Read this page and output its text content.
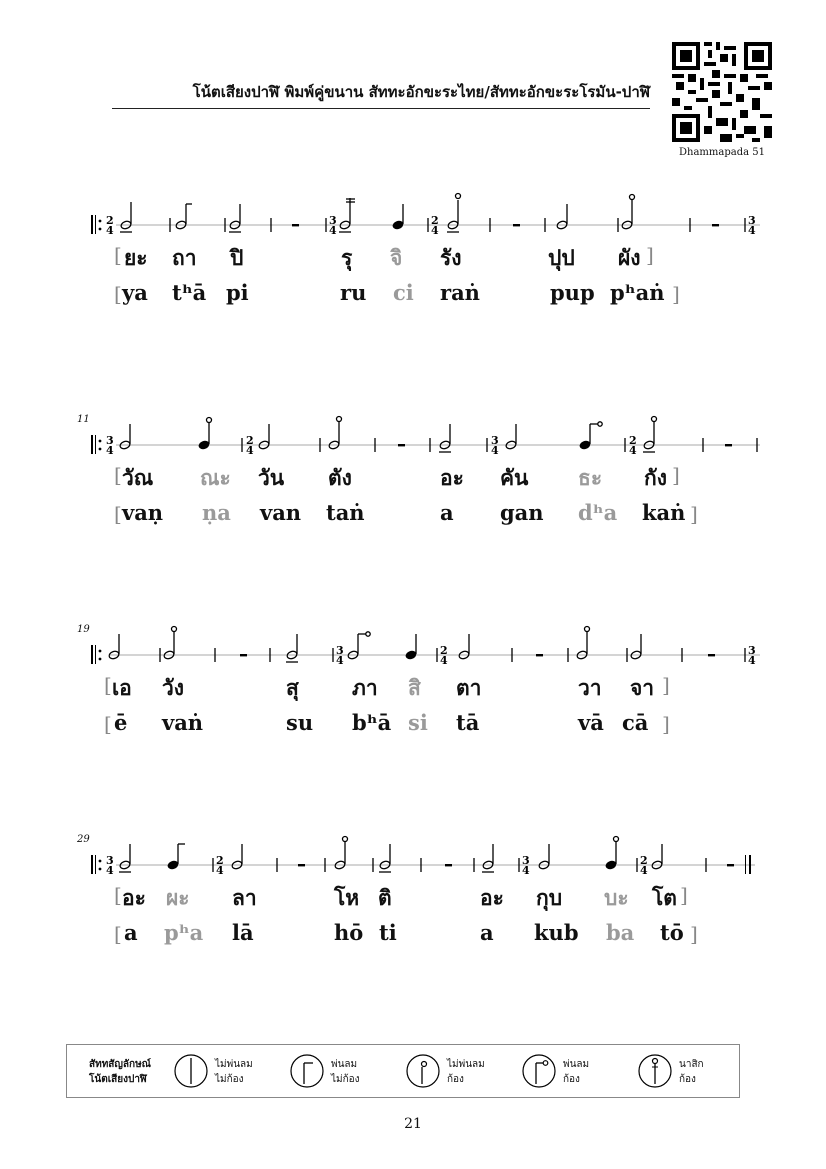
โน้ตเสียงปาฬิ พิมพ์คู่ขนาน สัททะอักขะระไทย/สัททะอักขะระโรมัน-ปาฬิ
Dhammapada 51
2
4
3
4
2
4
3
4
[ ยะ ถา ปิ	รุ จิ รัง	ปุป ผัง ]
[ ya tʰā pi	ru ci raṅ	pup pʰaṅ ]
11
3
4
2
4
3
4
2
4
[ วัณ ณะ วัน ตัง	อะ คัน ธะ กัง ]
[ vaṇ ṇa van taṅ	a gan dʰa kaṅ ]
19
3
4
2
4
3
4
[ เอ วัง	สุ	ภา สิ ตา	วา จา ]
[ ē vaṅ	su bʰā si tā	vā cā ]
29
3
4
2
4
3
4
2
4
[ อะ ผะ ลา	โห ติ	อะ กุบ บะ โต ]
[ a pʰa lā	hō ti	a kub ba tō ]
สัททสัญลักษณ์
โน้ตเสียงปาฬิ
ไม่พ่นลม
ไม่ก้อง
พ่นลม
ไม่ก้อง
ไม่พ่นลม
ก้อง
พ่นลม
ก้อง
นาสิก
ก้อง
21
